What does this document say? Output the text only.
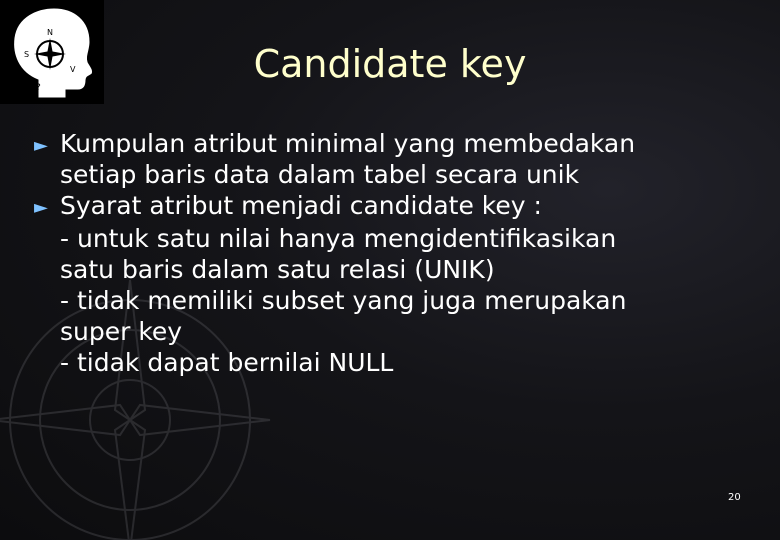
N
S
V
?
Candidate key
► Kumpulan atribut minimal yang membedakan
setiap baris data dalam tabel secara unik
► Syarat atribut menjadi candidate key :
- untuk satu nilai hanya mengidentifikasikan
satu baris dalam satu relasi (UNIK)
- tidak memiliki subset yang juga merupakan
super key
- tidak dapat bernilai NULL
20
